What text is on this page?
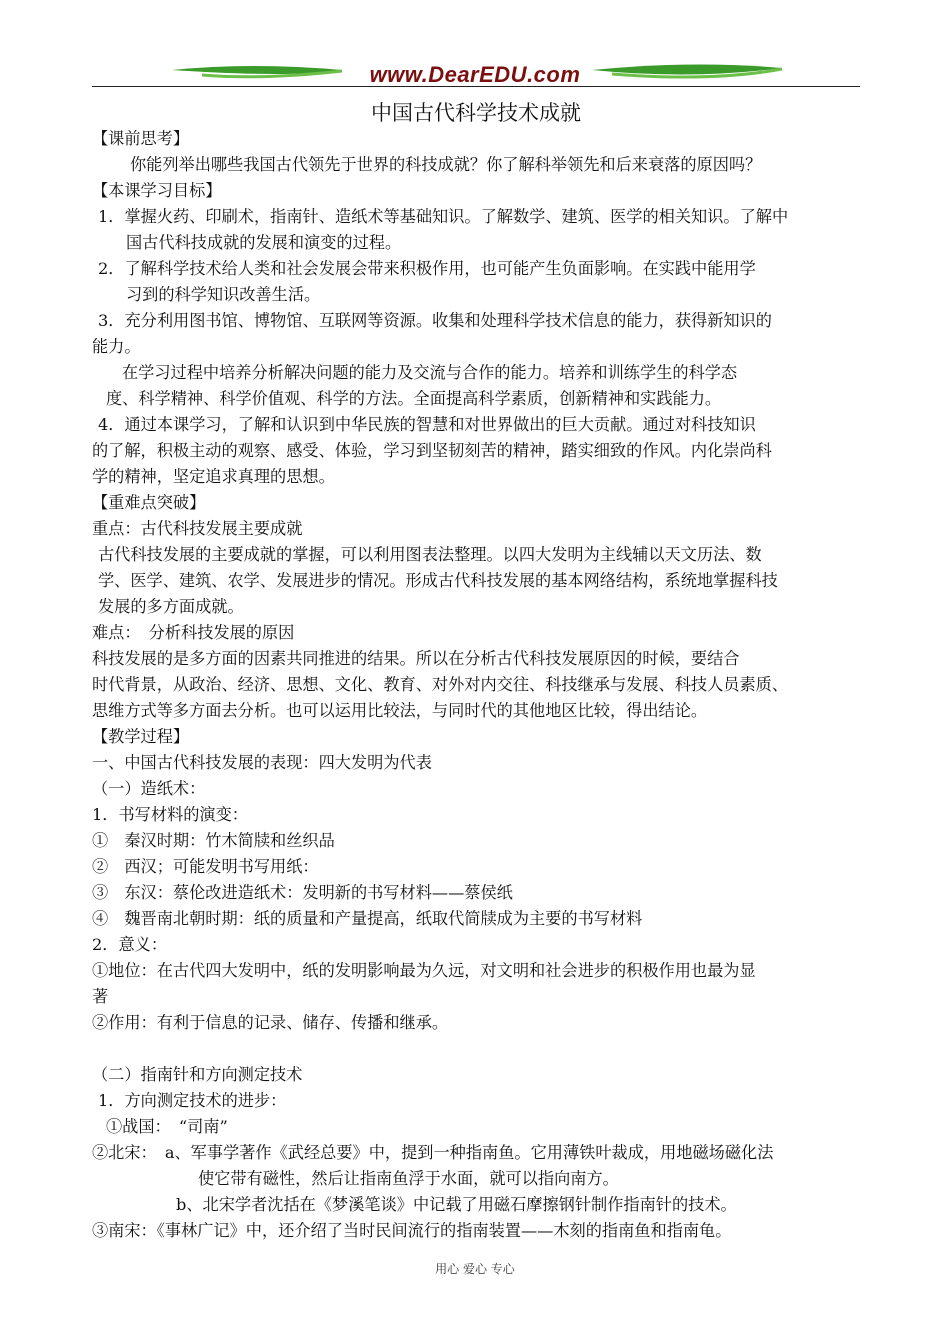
www.DearEDU.com
中国古代科学技术成就

【课前思考】

你能列举出哪些我国古代领先于世界的科技成就？你了解科举领先和后来衰落的原因吗？

【本课学习目标】

1．掌握火药、印刷术，指南针、造纸术等基础知识。了解数学、建筑、医学的相关知识。了解中

国古代科技成就的发展和演变的过程。

2．了解科学技术给人类和社会发展会带来积极作用，也可能产生负面影响。在实践中能用学

习到的科学知识改善生活。

3．充分利用图书馆、博物馆、互联网等资源。收集和处理科学技术信息的能力，获得新知识的

能力。

在学习过程中培养分析解决问题的能力及交流与合作的能力。培养和训练学生的科学态

度、科学精神、科学价值观、科学的方法。全面提高科学素质，创新精神和实践能力。

4．通过本课学习，了解和认识到中华民族的智慧和对世界做出的巨大贡献。通过对科技知识

的了解，积极主动的观察、感受、体验，学习到坚韧刻苦的精神，踏实细致的作风。内化崇尚科

学的精神，坚定追求真理的思想。

【重难点突破】

重点：古代科技发展主要成就

古代科技发展的主要成就的掌握，可以利用图表法整理。以四大发明为主线辅以天文历法、数

学、医学、建筑、农学、发展进步的情况。形成古代科技发展的基本网络结构，系统地掌握科技

发展的多方面成就。

难点：　分析科技发展的原因

科技发展的是多方面的因素共同推进的结果。所以在分析古代科技发展原因的时候，要结合

时代背景，从政治、经济、思想、文化、教育、对外对内交往、科技继承与发展、科技人员素质、

思维方式等多方面去分析。也可以运用比较法，与同时代的其他地区比较，得出结论。

【教学过程】

一、中国古代科技发展的表现：四大发明为代表

（一）造纸术：

1．书写材料的演变：

①　秦汉时期：竹木简牍和丝织品

②　西汉；可能发明书写用纸：

③　东汉：蔡伦改进造纸术：发明新的书写材料——蔡侯纸

④　魏晋南北朝时期：纸的质量和产量提高，纸取代简牍成为主要的书写材料

2．意义：

①地位：在古代四大发明中，纸的发明影响最为久远，对文明和社会进步的积极作用也最为显

著

②作用：有利于信息的记录、储存、传播和继承。

（二）指南针和方向测定技术

1．方向测定技术的进步：

①战国：　“司南”

②北宋：　a、军事学著作《武经总要》中，提到一种指南鱼。它用薄铁叶裁成，用地磁场磁化法

使它带有磁性，然后让指南鱼浮于水面，就可以指向南方。

b、北宋学者沈括在《梦溪笔谈》中记载了用磁石摩擦钢针制作指南针的技术。

③南宋：《事林广记》中，还介绍了当时民间流行的指南装置——木刻的指南鱼和指南龟。

用心 爱心 专心
